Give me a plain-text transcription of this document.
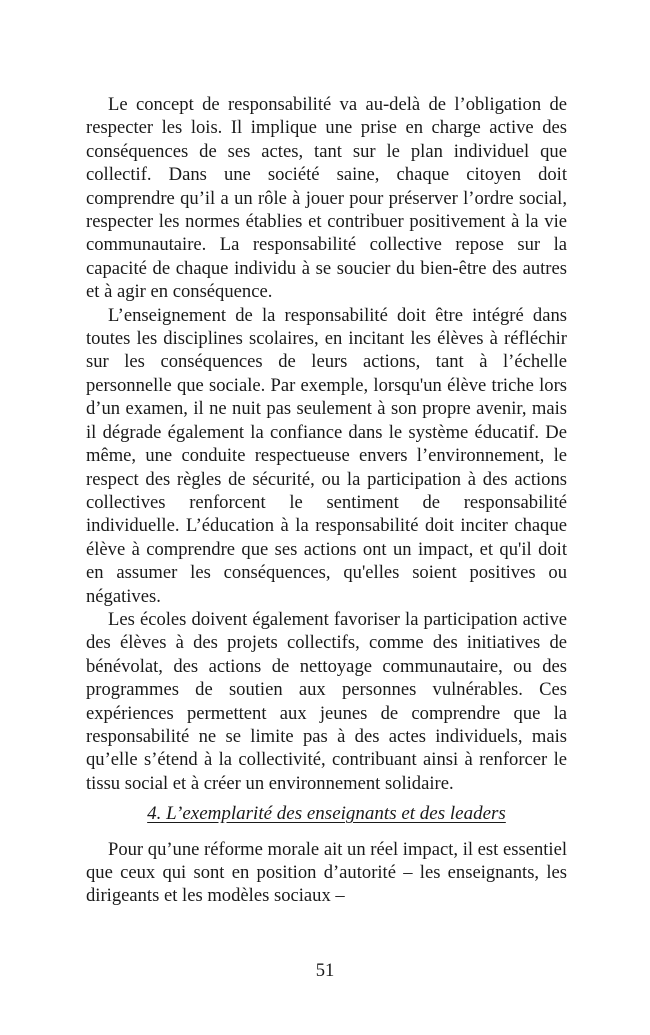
Le concept de responsabilité va au-delà de l’obligation de respecter les lois. Il implique une prise en charge active des conséquences de ses actes, tant sur le plan individuel que collectif. Dans une société saine, chaque citoyen doit comprendre qu’il a un rôle à jouer pour préserver l’ordre social, respecter les normes établies et contribuer positivement à la vie communautaire. La responsabilité collective repose sur la capacité de chaque individu à se soucier du bien-être des autres et à agir en conséquence.

L’enseignement de la responsabilité doit être intégré dans toutes les disciplines scolaires, en incitant les élèves à réfléchir sur les conséquences de leurs actions, tant à l’échelle personnelle que sociale. Par exemple, lorsqu'un élève triche lors d’un examen, il ne nuit pas seulement à son propre avenir, mais il dégrade également la confiance dans le système éducatif. De même, une conduite respectueuse envers l’environnement, le respect des règles de sécurité, ou la participation à des actions collectives renforcent le sentiment de responsabilité individuelle. L’éducation à la responsabilité doit inciter chaque élève à comprendre que ses actions ont un impact, et qu'il doit en assumer les conséquences, qu'elles soient positives ou négatives.

Les écoles doivent également favoriser la participation active des élèves à des projets collectifs, comme des initiatives de bénévolat, des actions de nettoyage communautaire, ou des programmes de soutien aux personnes vulnérables. Ces expériences permettent aux jeunes de comprendre que la responsabilité ne se limite pas à des actes individuels, mais qu’elle s’étend à la collectivité, contribuant ainsi à renforcer le tissu social et à créer un environnement solidaire.

4. L’exemplarité des enseignants et des leaders

Pour qu’une réforme morale ait un réel impact, il est essentiel que ceux qui sont en position d’autorité – les enseignants, les dirigeants et les modèles sociaux –

51
